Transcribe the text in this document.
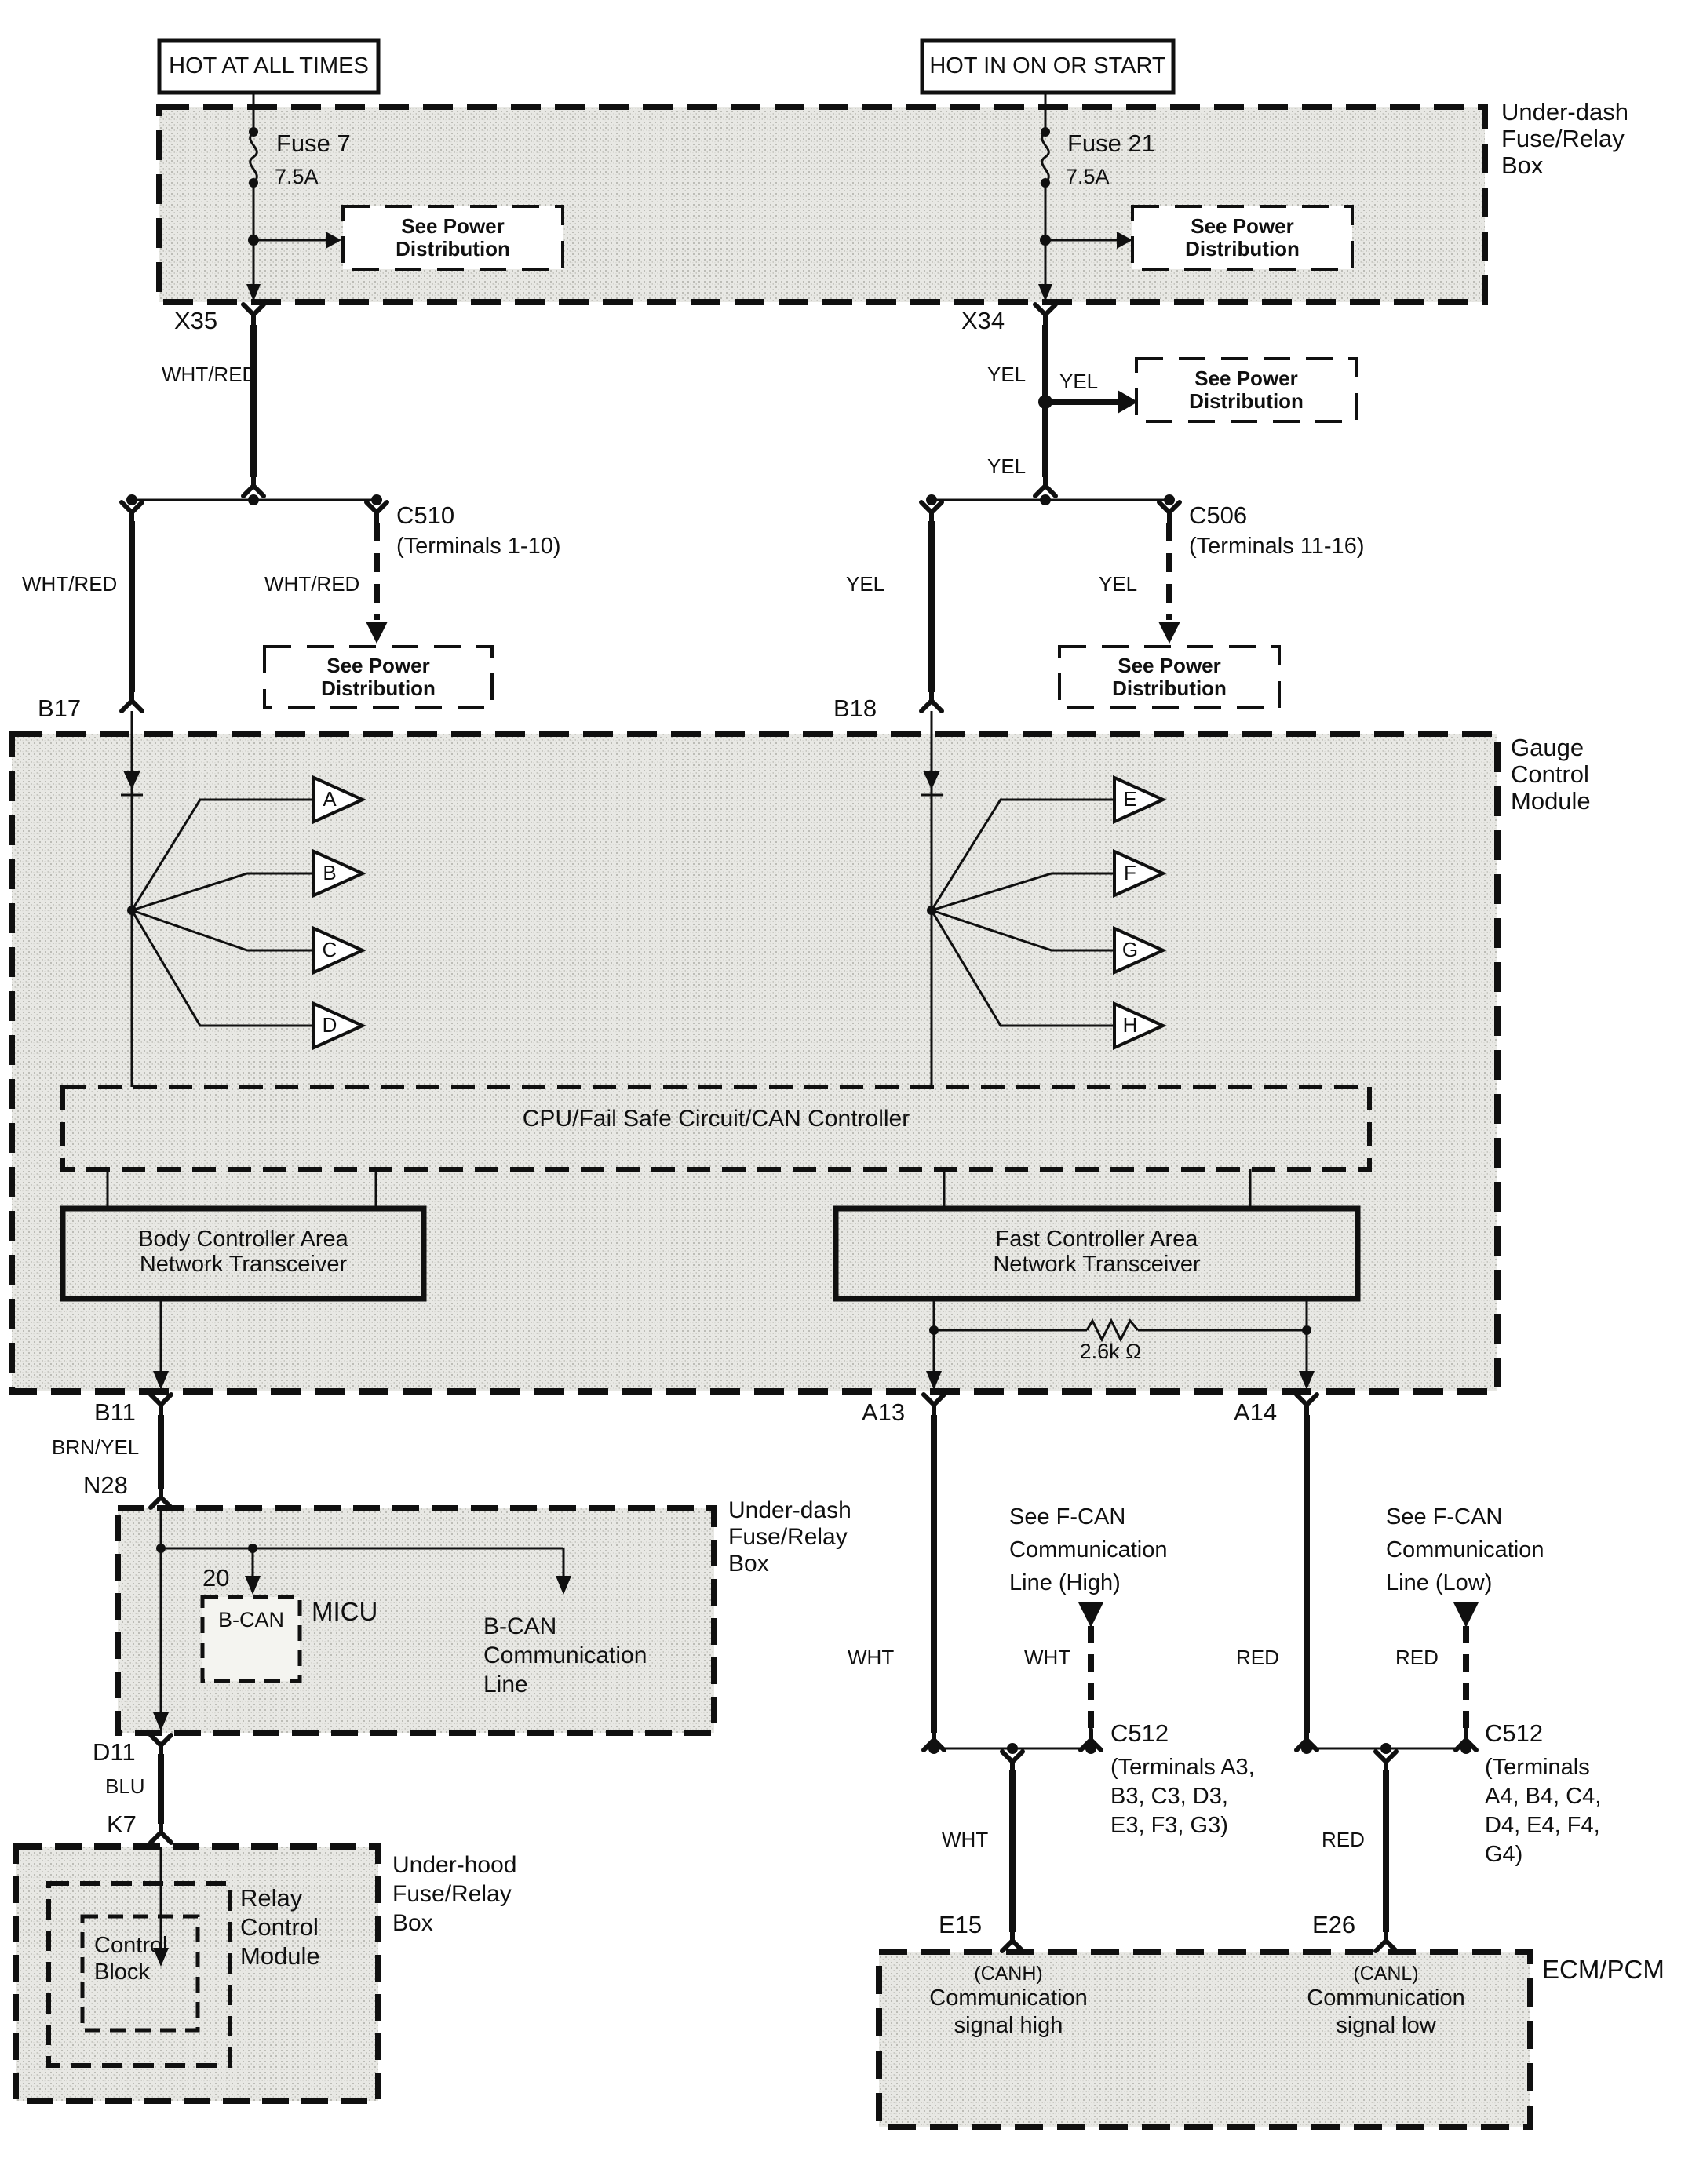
HOT AT ALL TIMES	HOT IN ON OR START
Under-dash
Fuse/Relay
Box
Fuse 7
7.5A
Fuse 21
7.5A
See Power
Distribution
See Power
Distribution
See Power
Distribution
See Power
Distribution
See Power
Distribution
X35	X34
WHT/RED	YEL YEL
YEL
C510
(Terminals 1-10)
C506
(Terminals 11-16)
WHT/RED	WHT/RED	YEL	YEL
B17	B18
Gauge
Control
Module
A
B
C
D
E
F
G
H
CPU/Fail Safe Circuit/CAN Controller
Body Controller Area
Network Transceiver
Fast Controller Area
Network Transceiver
2.6k Ω
B11	A13	A14
BRN/YEL
N28
Under-dash
Fuse/Relay
Box
20
MICU
B-CAN	B-CAN
Communication
Line
D11
BLU
K7
Under-hood
Fuse/Relay
Box
Relay
Control
Module
Control
Block
See F-CAN
Communication
Line (High)
See F-CAN
Communication
Line (Low)
WHT	WHT	RED	RED
C512
(Terminals A3,
B3, C3, D3,
E3, F3, G3)
C512
(Terminals
A4, B4, C4,
D4, E4, F4,
G4)
WHT	RED
E15	E26
ECM/PCM
(CANH)
Communication
signal high
(CANL)
Communication
signal low
